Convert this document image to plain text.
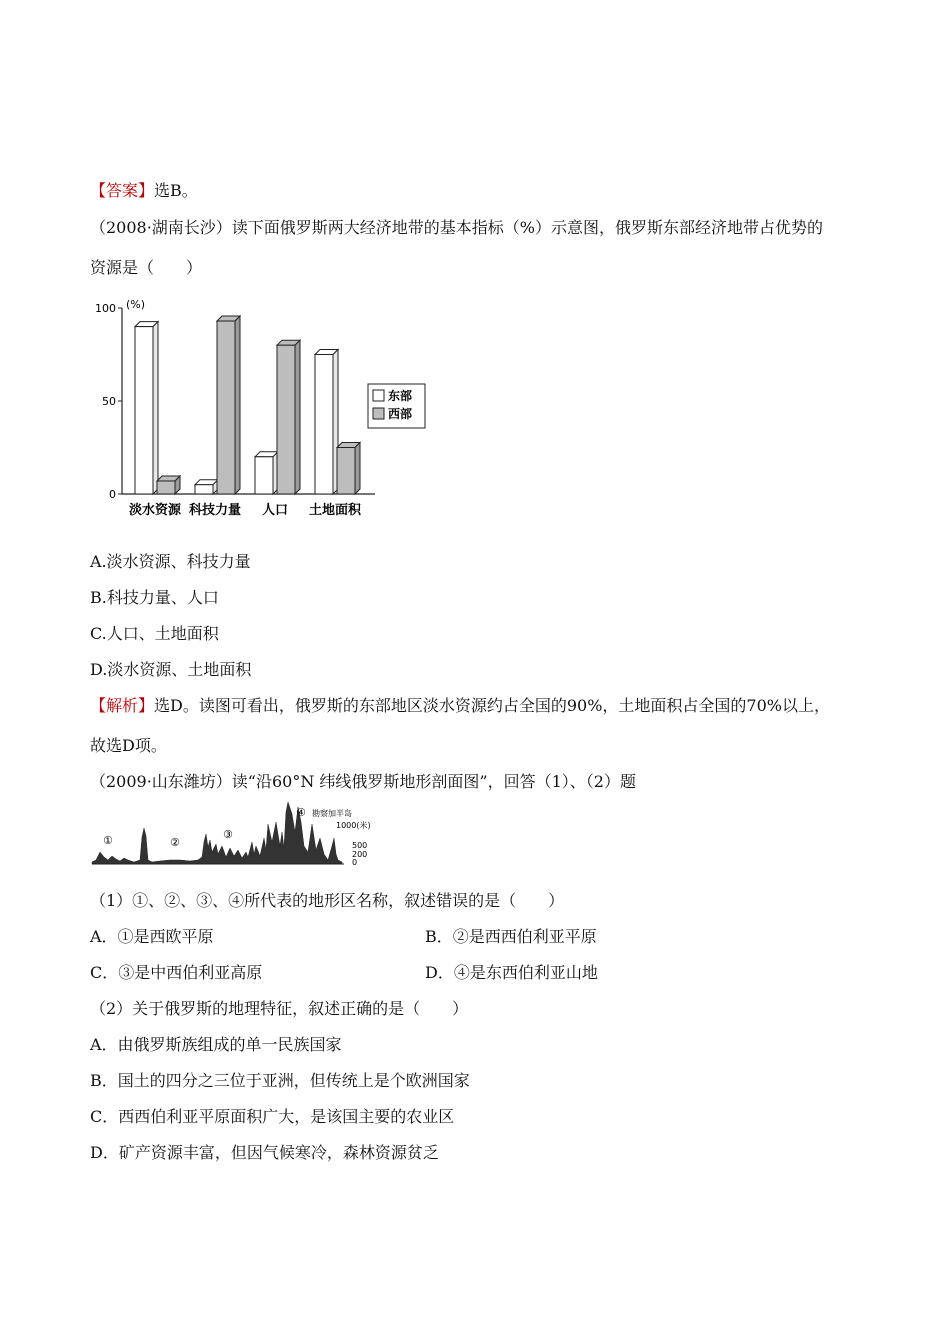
【答案】选B。
（2008·湖南长沙）读下面俄罗斯两大经济地带的基本指标（%）示意图，俄罗斯东部经济地带占优势的
资源是（　　）
0
50
100 (%)
淡水资源 科技力量 人口 土地面积
东部
西部
A.淡水资源、科技力量
B.科技力量、人口
C.人口、土地面积
D.淡水资源、土地面积
【解析】选D。读图可看出，俄罗斯的东部地区淡水资源约占全国的90%，土地面积占全国的70%以上，
故选D项。
（2009·山东潍坊）读“沿60°N 纬线俄罗斯地形剖面图”，回答（1）、（2）题
①	②
③
④ 勘察加半岛
1000(米)
500
200
0
（1）①、②、③、④所代表的地形区名称，叙述错误的是（　　）
A．①是西欧平原	B．②是西西伯利亚平原
C．③是中西伯利亚高原	D．④是东西伯利亚山地
（2）关于俄罗斯的地理特征，叙述正确的是（　　）
A．由俄罗斯族组成的单一民族国家
B．国土的四分之三位于亚洲，但传统上是个欧洲国家
C．西西伯利亚平原面积广大，是该国主要的农业区
D．矿产资源丰富，但因气候寒冷，森林资源贫乏
